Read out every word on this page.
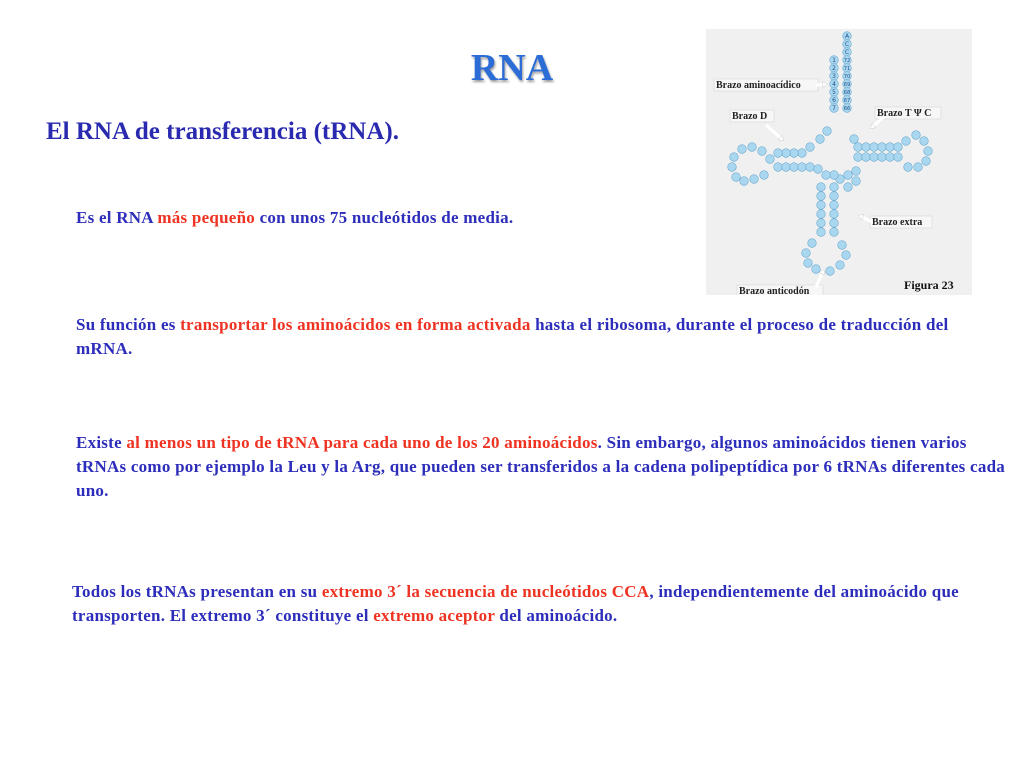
RNA
El RNA de transferencia (tRNA).

Es el RNA más pequeño con unos 75 nucleótidos de media.

Su función es transportar los aminoácidos en forma activada hasta el ribosoma, durante el proceso de traducción del mRNA.

Existe al menos un tipo de tRNA para cada uno de los 20 aminoácidos. Sin embargo, algunos aminoácidos tienen varios tRNAs como por ejemplo la Leu y la Arg, que pueden ser transferidos a la cadena polipeptídica por 6 tRNAs diferentes cada uno.

Todos los tRNAs presentan en su extremo 3´ la secuencia de nucleótidos CCA, independientemente del aminoácido que transporten. El extremo 3´ constituye el extremo aceptor del aminoácido.

A
C
C
1 72
2 71
3 70
4 69
5 68
6 67
7 66
Brazo aminoacídico
Brazo D	Brazo T Ψ C
Brazo extra
Brazo anticodón	Figura 23
